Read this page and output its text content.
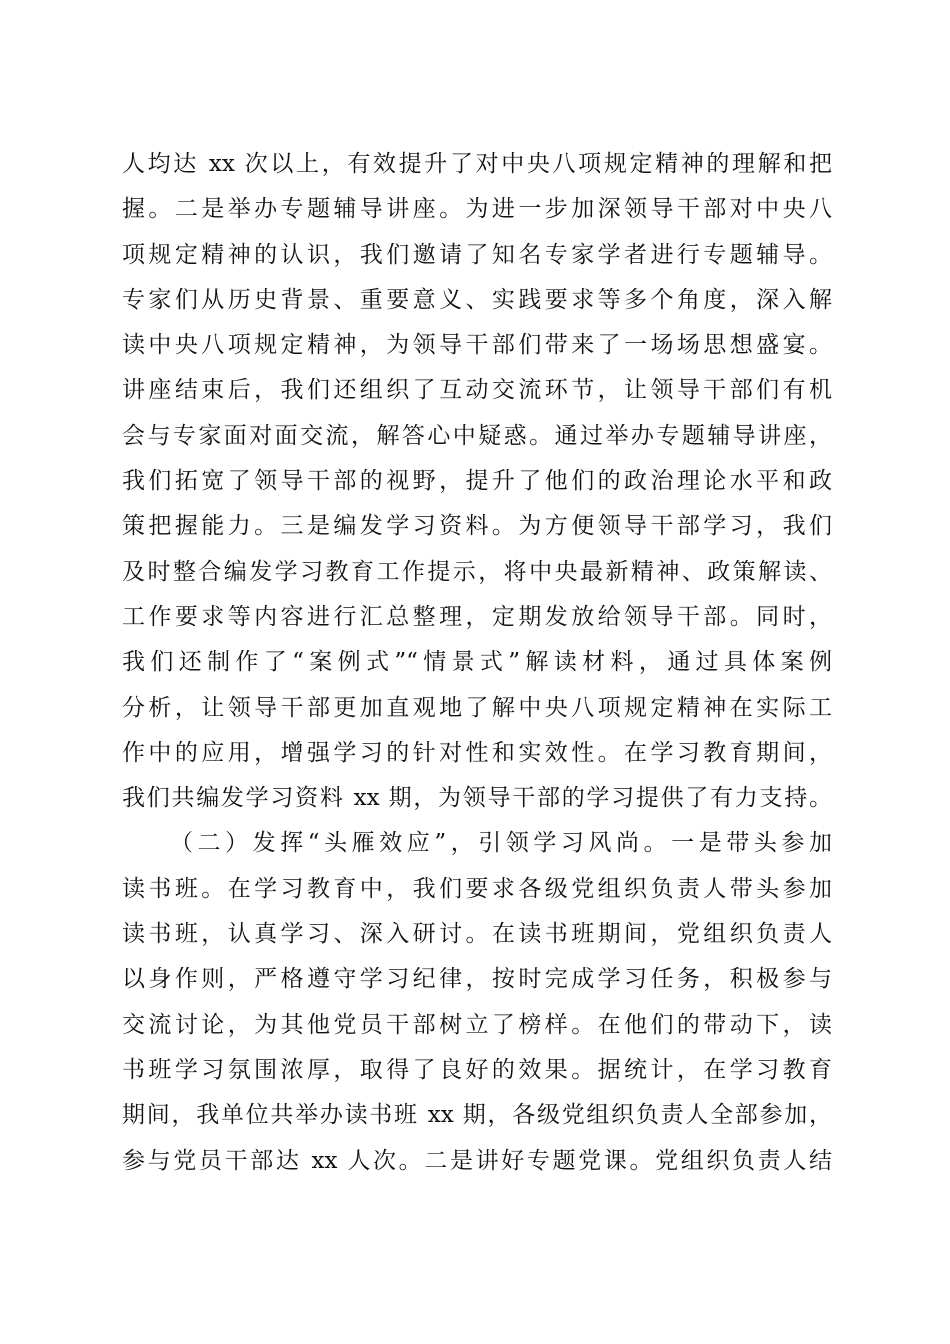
人均达 xx 次以上，有效提升了对中央八项规定精神的理解和把
握。二是举办专题辅导讲座。为进一步加深领导干部对中央八
项规定精神的认识，我们邀请了知名专家学者进行专题辅导。
专家们从历史背景、重要意义、实践要求等多个角度，深入解
读中央八项规定精神，为领导干部们带来了一场场思想盛宴。
讲座结束后，我们还组织了互动交流环节，让领导干部们有机
会与专家面对面交流，解答心中疑惑。通过举办专题辅导讲座，
我们拓宽了领导干部的视野，提升了他们的政治理论水平和政
策把握能力。三是编发学习资料。为方便领导干部学习，我们
及时整合编发学习教育工作提示，将中央最新精神、政策解读、
工作要求等内容进行汇总整理，定期发放给领导干部。同时，
我们还制作了“案例式”“情景式”解读材料，通过具体案例
分析，让领导干部更加直观地了解中央八项规定精神在实际工
作中的应用，增强学习的针对性和实效性。在学习教育期间，
我们共编发学习资料 xx 期，为领导干部的学习提供了有力支持。
（二）发挥“头雁效应”，引领学习风尚。一是带头参加
读书班。在学习教育中，我们要求各级党组织负责人带头参加
读书班，认真学习、深入研讨。在读书班期间，党组织负责人
以身作则，严格遵守学习纪律，按时完成学习任务，积极参与
交流讨论，为其他党员干部树立了榜样。在他们的带动下，读
书班学习氛围浓厚，取得了良好的效果。据统计，在学习教育
期间，我单位共举办读书班 xx 期，各级党组织负责人全部参加，
参与党员干部达 xx 人次。二是讲好专题党课。党组织负责人结
